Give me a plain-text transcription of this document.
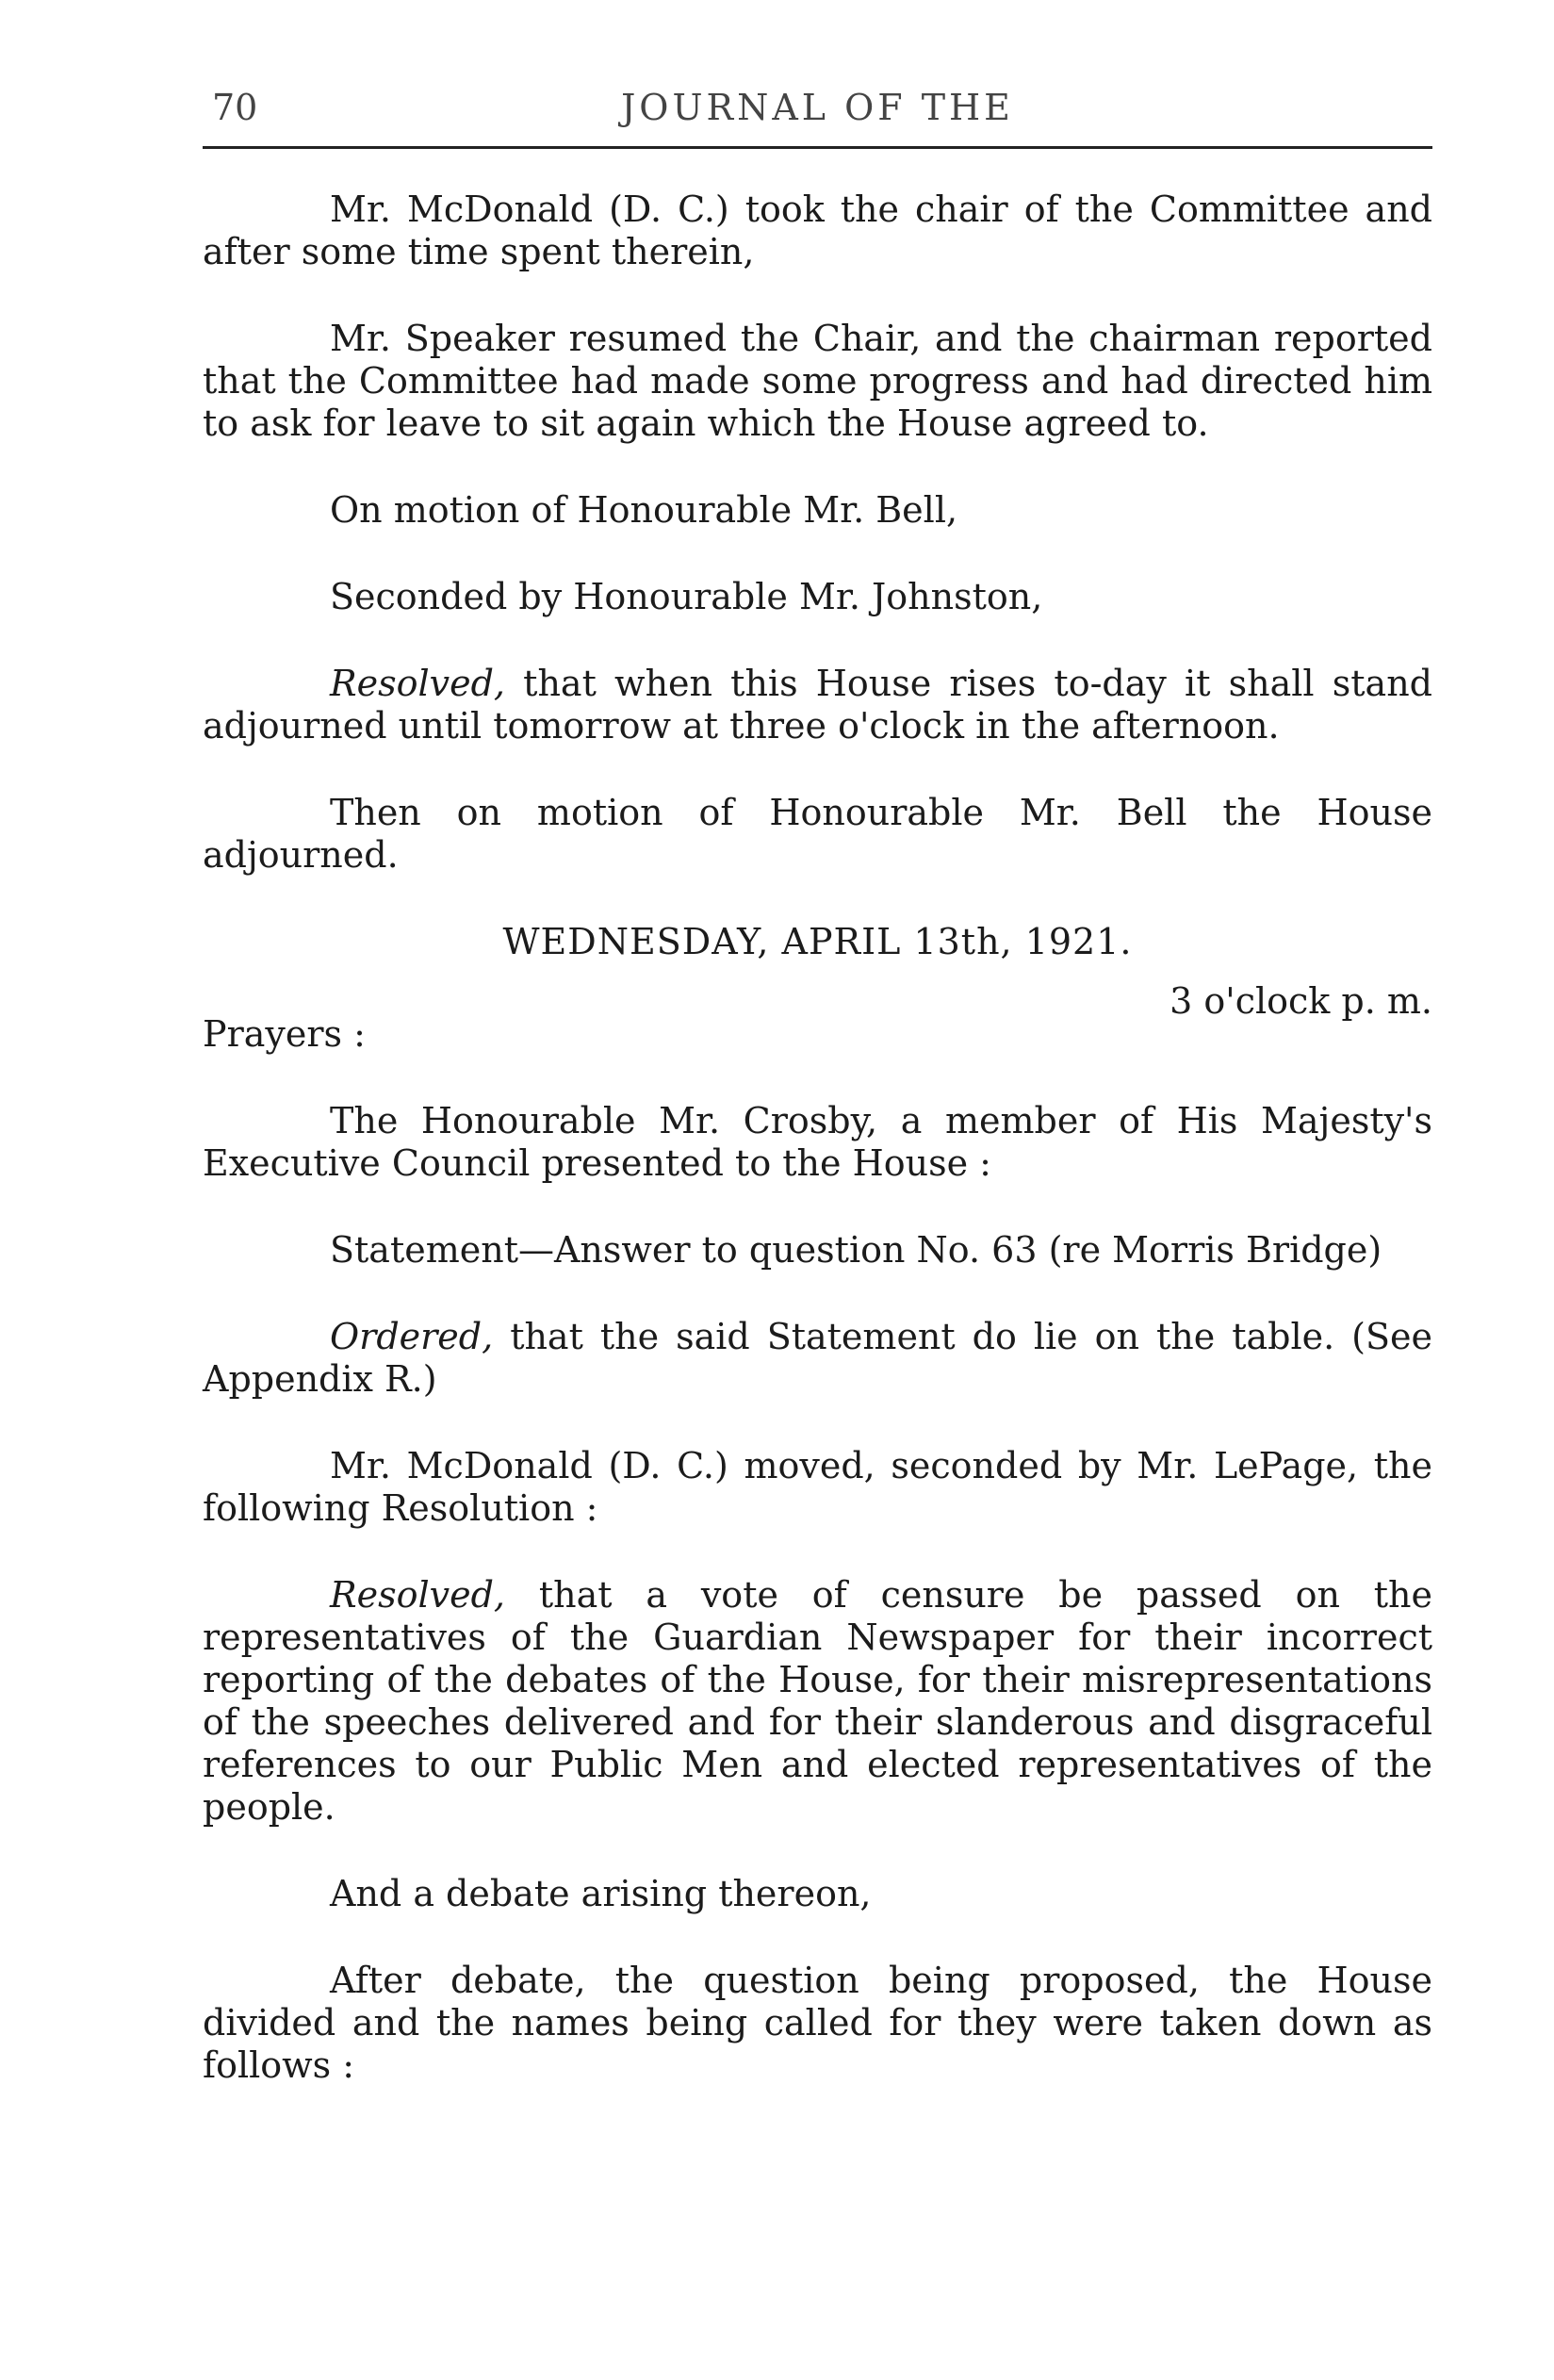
70	JOURNAL OF THE

Mr. McDonald (D. C.) took the chair of the Committee and after some time spent therein,

Mr. Speaker resumed the Chair, and the chairman reported that the Committee had made some progress and had directed him to ask for leave to sit again which the House agreed to.

On motion of Honourable Mr. Bell,
Seconded by Honourable Mr. Johnston,

Resolved, that when this House rises to-day it shall stand adjourned until tomorrow at three o'clock in the afternoon.

Then on motion of Honourable Mr. Bell the House adjourned.

WEDNESDAY, APRIL 13th, 1921.

3 o'clock p. m.

Prayers :

The Honourable Mr. Crosby, a member of His Majesty's Executive Council presented to the House :

Statement—Answer to question No. 63 (re Morris Bridge)

Ordered, that the said Statement do lie on the table. (See Appendix R.)

Mr. McDonald (D. C.) moved, seconded by Mr. LePage, the following Resolution :

Resolved, that a vote of censure be passed on the representatives of the Guardian Newspaper for their incorrect reporting of the debates of the House, for their misrepresentations of the speeches delivered and for their slanderous and disgraceful references to our Public Men and elected representatives of the people.

And a debate arising thereon,

After debate, the question being proposed, the House divided and the names being called for they were taken down as follows :
